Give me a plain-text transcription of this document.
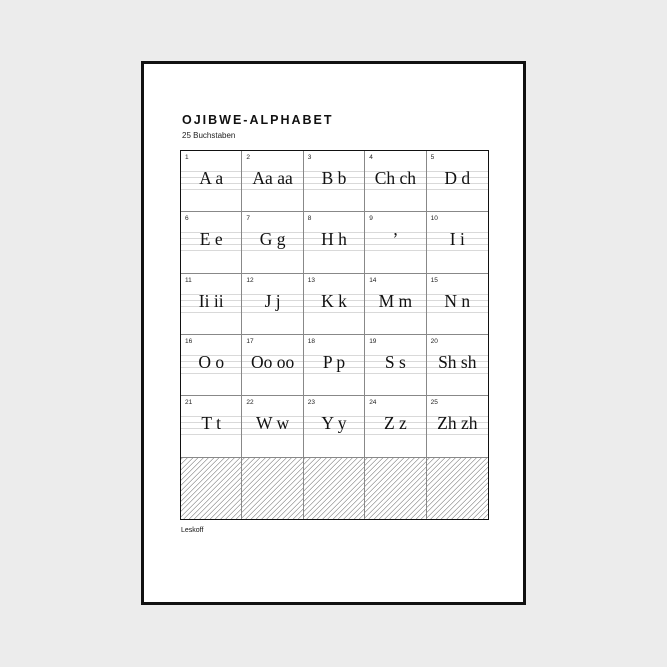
OJIBWE-ALPHABET
25 Buchstaben
1
A a
2
Aa aa
3
B b
4
Ch ch
5
D d
6
E e
7
G g
8
H h
9
’
10
I i
11
Ii ii
12
J j
13
K k
14
M m
15
N n
16
O o
17
Oo oo
18
P p
19
S s
20
Sh sh
21
T t
22
W w
23
Y y
24
Z z
25
Zh zh
Leskoff
